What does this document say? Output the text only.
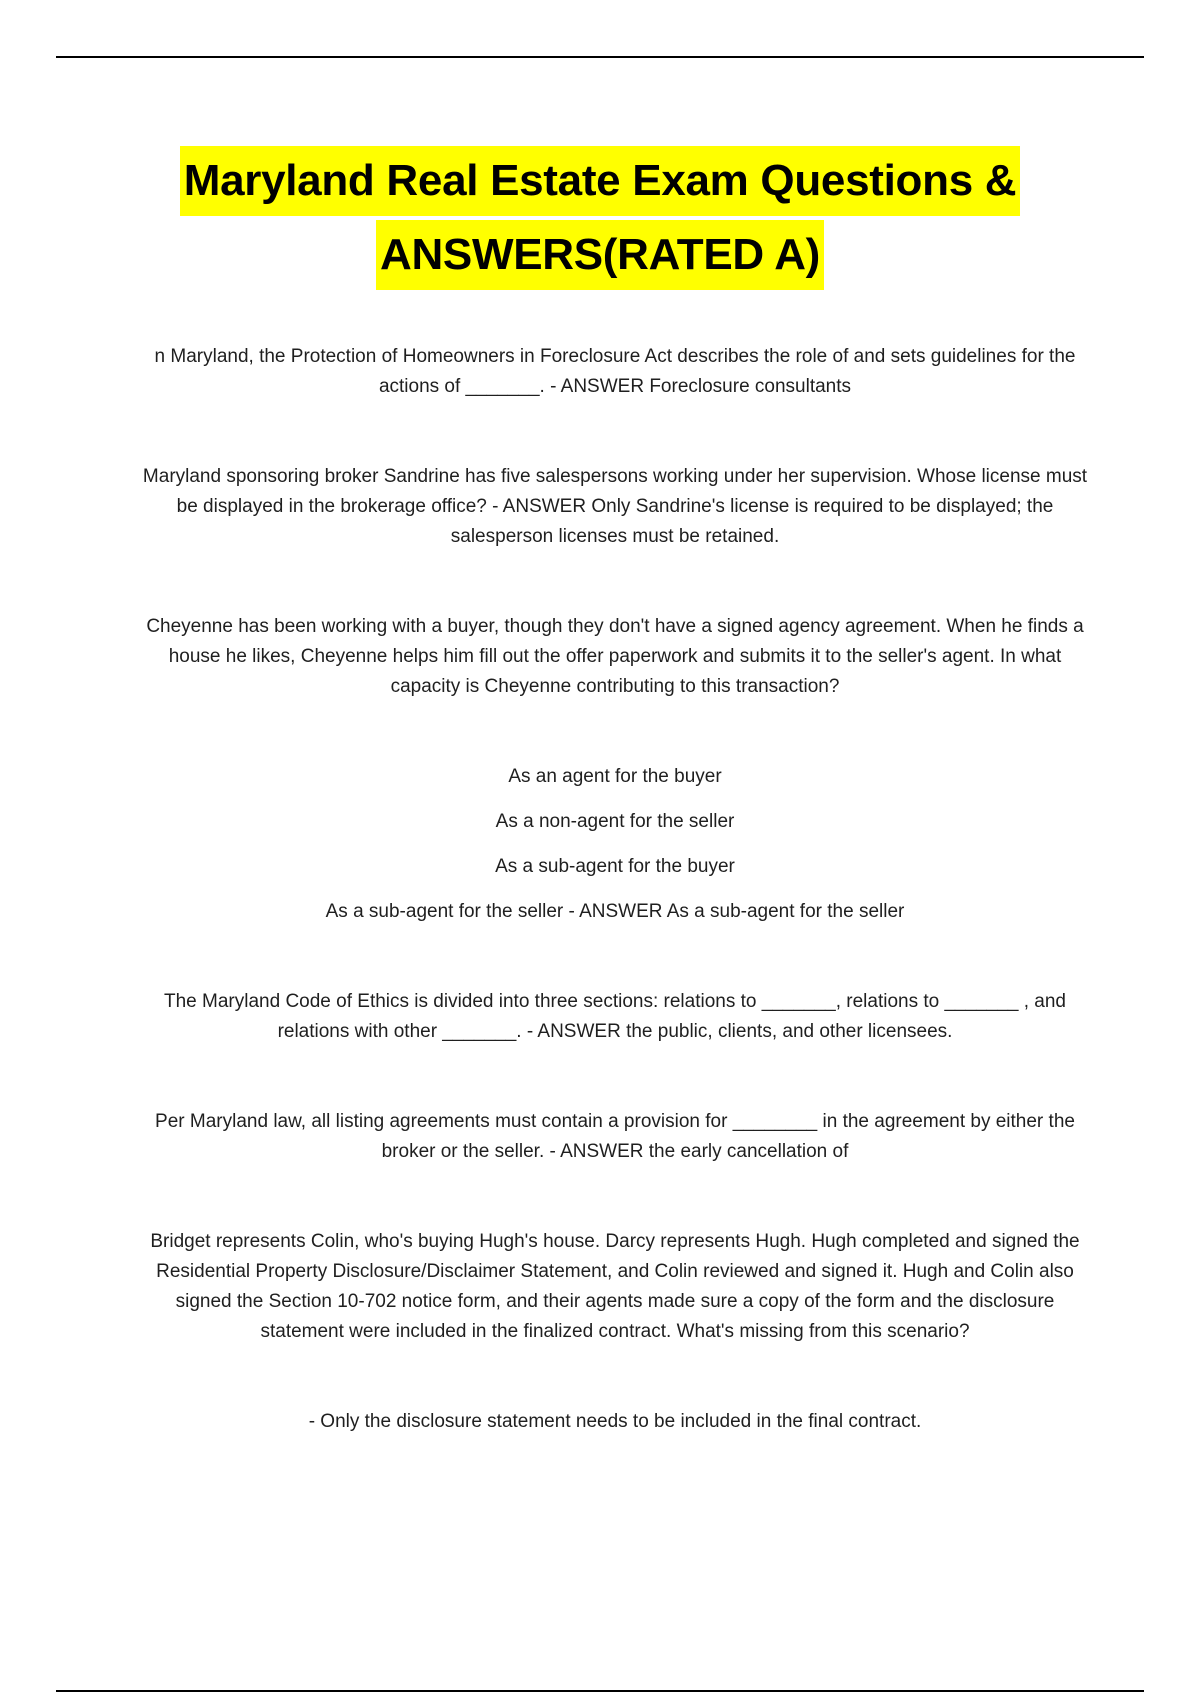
Maryland Real Estate Exam Questions &
ANSWERS(RATED A)

n Maryland, the Protection of Homeowners in Foreclosure Act describes the role of and sets guidelines for the actions of _______. - ANSWER Foreclosure consultants

Maryland sponsoring broker Sandrine has five salespersons working under her supervision. Whose license must be displayed in the brokerage office? - ANSWER Only Sandrine's license is required to be displayed; the salesperson licenses must be retained.

Cheyenne has been working with a buyer, though they don't have a signed agency agreement. When he finds a house he likes, Cheyenne helps him fill out the offer paperwork and submits it to the seller's agent. In what capacity is Cheyenne contributing to this transaction?

As an agent for the buyer

As a non-agent for the seller

As a sub-agent for the buyer

As a sub-agent for the seller - ANSWER As a sub-agent for the seller

The Maryland Code of Ethics is divided into three sections: relations to _______, relations to _______ , and relations with other _______. - ANSWER the public, clients, and other licensees.

Per Maryland law, all listing agreements must contain a provision for ________ in the agreement by either the broker or the seller. - ANSWER the early cancellation of

Bridget represents Colin, who's buying Hugh's house. Darcy represents Hugh. Hugh completed and signed the Residential Property Disclosure/Disclaimer Statement, and Colin reviewed and signed it. Hugh and Colin also signed the Section 10-702 notice form, and their agents made sure a copy of the form and the disclosure statement were included in the finalized contract. What's missing from this scenario?

- Only the disclosure statement needs to be included in the final contract.
